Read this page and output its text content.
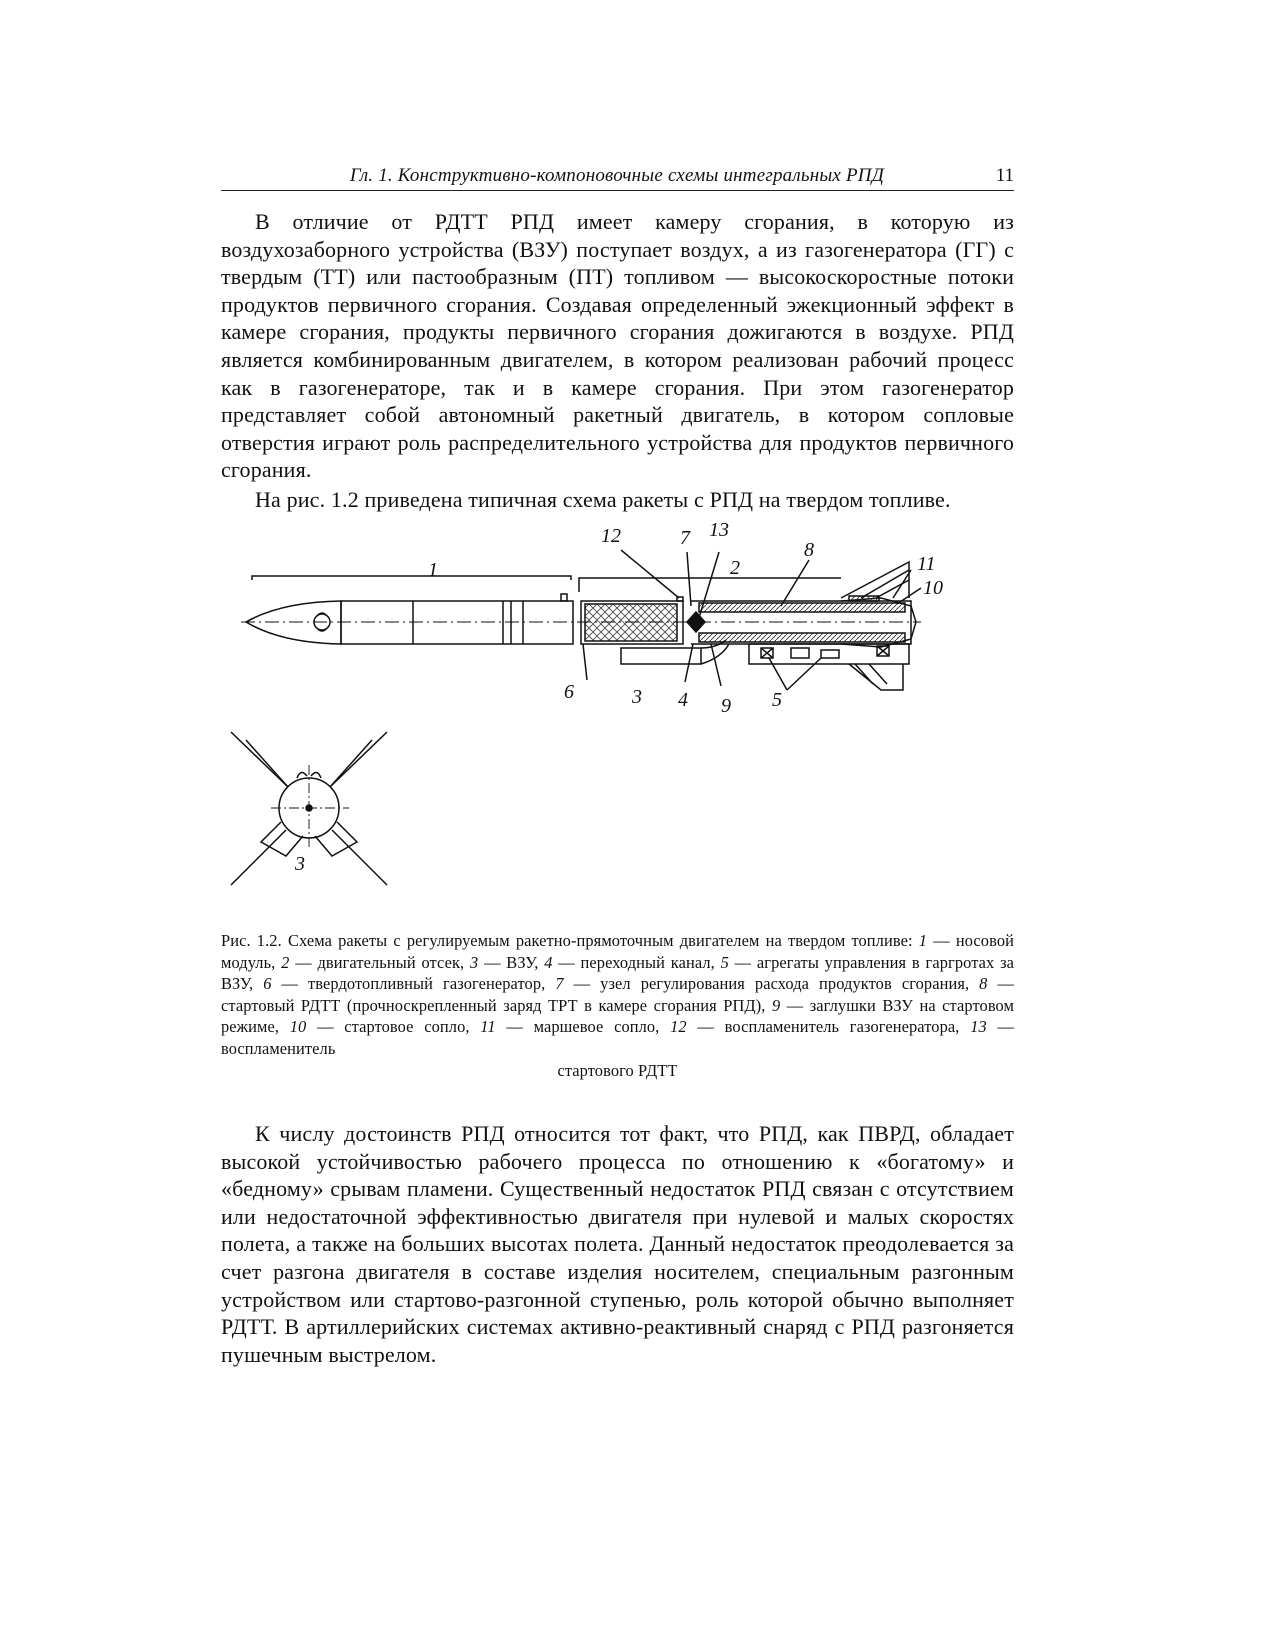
Гл. 1. Конструктивно-компоновочные схемы интегральных РПД	11

В отличие от РДТТ РПД имеет камеру сгорания, в которую из воздухозаборного устройства (ВЗУ) поступает воздух, а из газогенератора (ГГ) с твердым (ТТ) или пастообразным (ПТ) топливом — высокоскоростные потоки продуктов первичного сгорания. Создавая определенный эжекционный эффект в камере сгорания, продукты первичного сгорания дожигаются в воздухе. РПД является комбинированным двигателем, в котором реализован рабочий процесс как в газогенераторе, так и в камере сгорания. При этом газогенератор представляет собой автономный ракетный двигатель, в котором сопловые отверстия играют роль распределительного устройства для продуктов первичного сгорания.

На рис. 1.2 приведена типичная схема ракеты с РПД на твердом топливе.

1	2
3 4	5
6
7
8
9
10
11
12	13
3
Рис. 1.2. Схема ракеты с регулируемым ракетно-прямоточным двигателем на твердом топливе: 1 — носовой модуль, 2 — двигательный отсек, 3 — ВЗУ, 4 — переходный канал, 5 — агрегаты управления в гаргротах за ВЗУ, 6 — твердотопливный газогенератор, 7 — узел регулирования расхода продуктов сгорания, 8 — стартовый РДТТ (прочноскрепленный заряд ТРТ в камере сгорания РПД), 9 — заглушки ВЗУ на стартовом режиме, 10 — стартовое сопло, 11 — маршевое сопло, 12 — воспламенитель газогенератора, 13 — воспламенитель
стартового РДТТ

К числу достоинств РПД относится тот факт, что РПД, как ПВРД, обладает высокой устойчивостью рабочего процесса по отношению к «богатому» и «бедному» срывам пламени. Существенный недостаток РПД связан с отсутствием или недостаточной эффективностью двигателя при нулевой и малых скоростях полета, а также на больших высотах полета. Данный недостаток преодолевается за счет разгона двигателя в составе изделия носителем, специальным разгонным устройством или стартово-разгонной ступенью, роль которой обычно выполняет РДТТ. В артиллерийских системах активно-реактивный снаряд с РПД разгоняется пушечным выстрелом.
